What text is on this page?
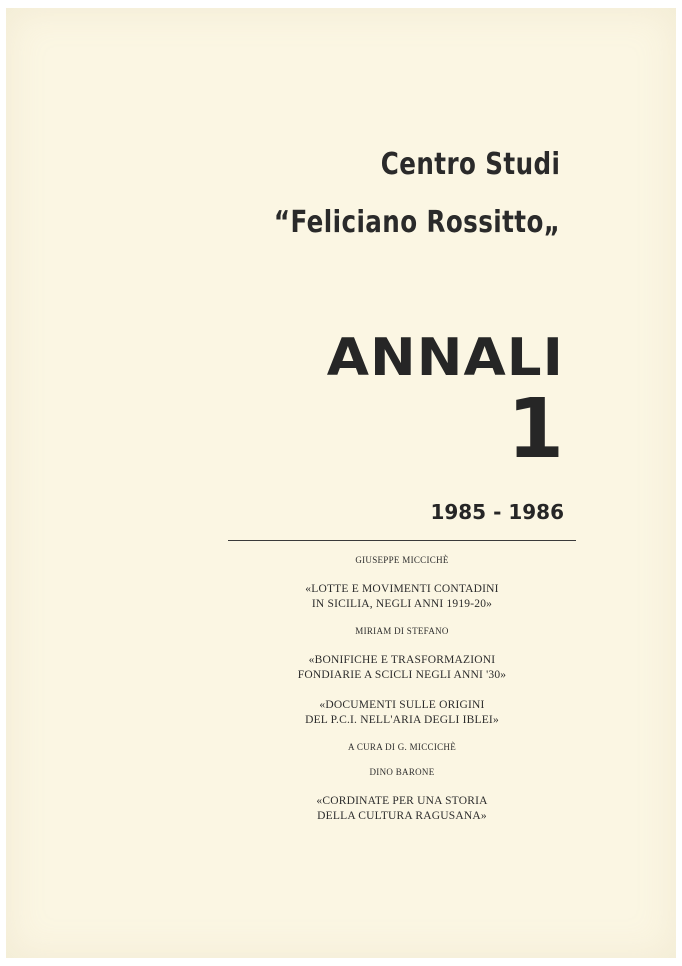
Centro Studi
“Feliciano Rossitto„
ANNALI
1
1985 - 1986

GIUSEPPE MICCICHÈ

«LOTTE E MOVIMENTI CONTADINI

IN SICILIA, NEGLI ANNI 1919-20»

MIRIAM DI STEFANO

«BONIFICHE E TRASFORMAZIONI

FONDIARIE A SCICLI NEGLI ANNI '30»

«DOCUMENTI SULLE ORIGINI

DEL P.C.I. NELL'ARIA DEGLI IBLEI»

A CURA DI G. MICCICHÈ

DINO BARONE

«CORDINATE PER UNA STORIA

DELLA CULTURA RAGUSANA»
